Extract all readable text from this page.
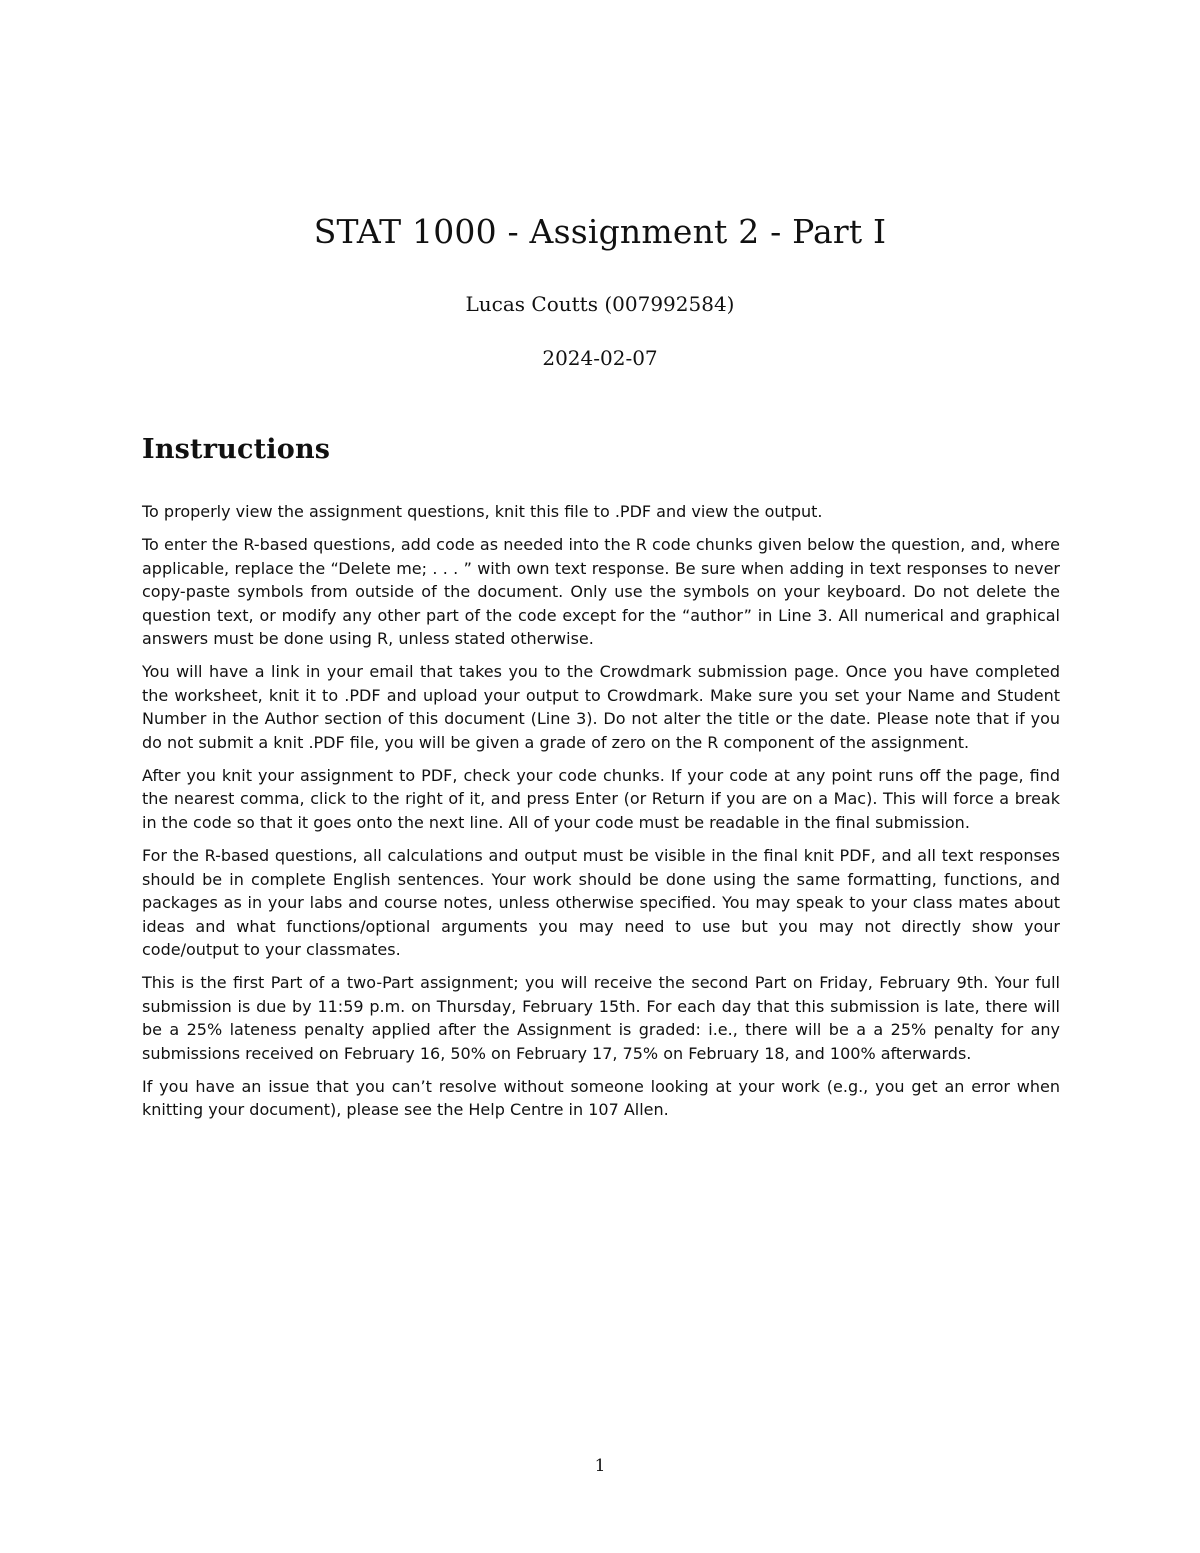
STAT 1000 - Assignment 2 - Part I

Lucas Coutts (007992584)

2024-02-07

Instructions

To properly view the assignment questions, knit this file to .PDF and view the output.

To enter the R-based questions, add code as needed into the R code chunks given below the question, and, where applicable, replace the “Delete me; . . . ” with own text response. Be sure when adding in text responses to never copy-paste symbols from outside of the document. Only use the symbols on your keyboard. Do not delete the question text, or modify any other part of the code except for the “author” in Line 3. All numerical and graphical answers must be done using R, unless stated otherwise.

You will have a link in your email that takes you to the Crowdmark submission page. Once you have completed the worksheet, knit it to .PDF and upload your output to Crowdmark. Make sure you set your Name and Student Number in the Author section of this document (Line 3). Do not alter the title or the date. Please note that if you do not submit a knit .PDF file, you will be given a grade of zero on the R component of the assignment.

After you knit your assignment to PDF, check your code chunks. If your code at any point runs off the page, find the nearest comma, click to the right of it, and press Enter (or Return if you are on a Mac). This will force a break in the code so that it goes onto the next line. All of your code must be readable in the final submission.

For the R-based questions, all calculations and output must be visible in the final knit PDF, and all text responses should be in complete English sentences. Your work should be done using the same formatting, functions, and packages as in your labs and course notes, unless otherwise specified. You may speak to your class mates about ideas and what functions/optional arguments you may need to use but you may not directly show your code/output to your classmates.

This is the first Part of a two-Part assignment; you will receive the second Part on Friday, February 9th. Your full submission is due by 11:59 p.m. on Thursday, February 15th. For each day that this submission is late, there will be a 25% lateness penalty applied after the Assignment is graded: i.e., there will be a a 25% penalty for any submissions received on February 16, 50% on February 17, 75% on February 18, and 100% afterwards.

If you have an issue that you can’t resolve without someone looking at your work (e.g., you get an error when knitting your document), please see the Help Centre in 107 Allen.

1
